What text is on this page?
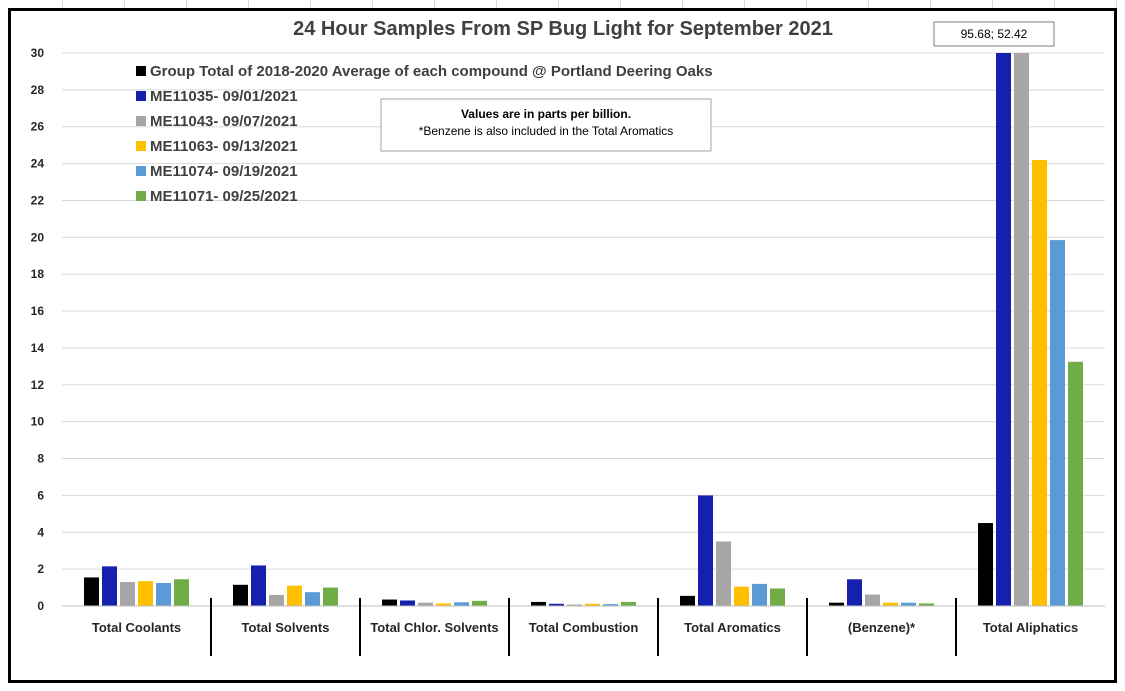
0
2
4
6
8
10
12
14
16
18
20
22
24
26
28
30
Total Coolants	Total Solvents	Total Chlor. Solvents Total Combustion	Total Aromatics	(Benzene)*	Total Aliphatics
24 Hour Samples From SP Bug Light for September 2021
Group Total of 2018-2020 Average of each compound @ Portland Deering Oaks
ME11035- 09/01/2021
ME11043- 09/07/2021
ME11063- 09/13/2021
ME11074- 09/19/2021
ME11071- 09/25/2021
Values are in parts per billion.
*Benzene is also included in the Total Aromatics
95.68; 52.42
